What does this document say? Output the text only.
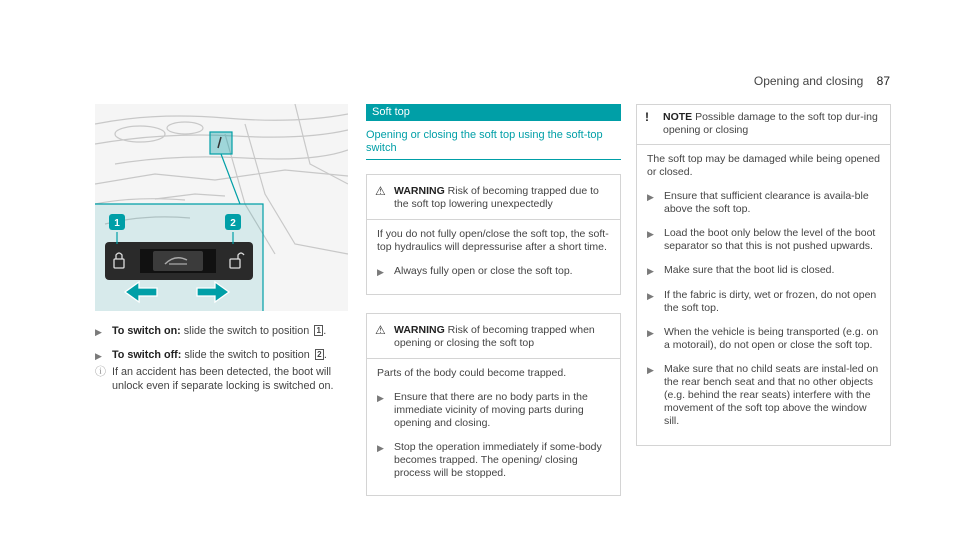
Opening and closing 87
1	2
▶ To switch on: slide the switch to position 1 .
▶ To switch off: slide the switch to position 2 .
ⓘ If an accident has been detected, the boot will unlock even if separate locking is switched on.
Soft top
Opening or closing the soft top using the soft-top switch
⚠ WARNING Risk of becoming trapped due to the soft top lowering unexpectedly

If you do not fully open/close the soft top, the soft-top hydraulics will depressurise after a short time.

▶ Always fully open or close the soft top.
⚠ WARNING Risk of becoming trapped when opening or closing the soft top

Parts of the body could become trapped.

▶ Ensure that there are no body parts in the immediate vicinity of moving parts during opening and closing.
▶ Stop the operation immediately if some-body becomes trapped. The opening/ closing process will be stopped.
!	NOTE Possible damage to the soft top dur-ing opening or closing

The soft top may be damaged while being opened or closed.

▶ Ensure that sufficient clearance is availa-ble above the soft top.
▶ Load the boot only below the level of the boot separator so that this is not pushed upwards.
▶ Make sure that the boot lid is closed.
▶ If the fabric is dirty, wet or frozen, do not open the soft top.
▶ When the vehicle is being transported (e.g. on a motorail), do not open or close the soft top.
▶ Make sure that no child seats are instal-led on the rear bench seat and that no other objects (e.g. behind the rear seats) interfere with the movement of the soft top above the window sill.
